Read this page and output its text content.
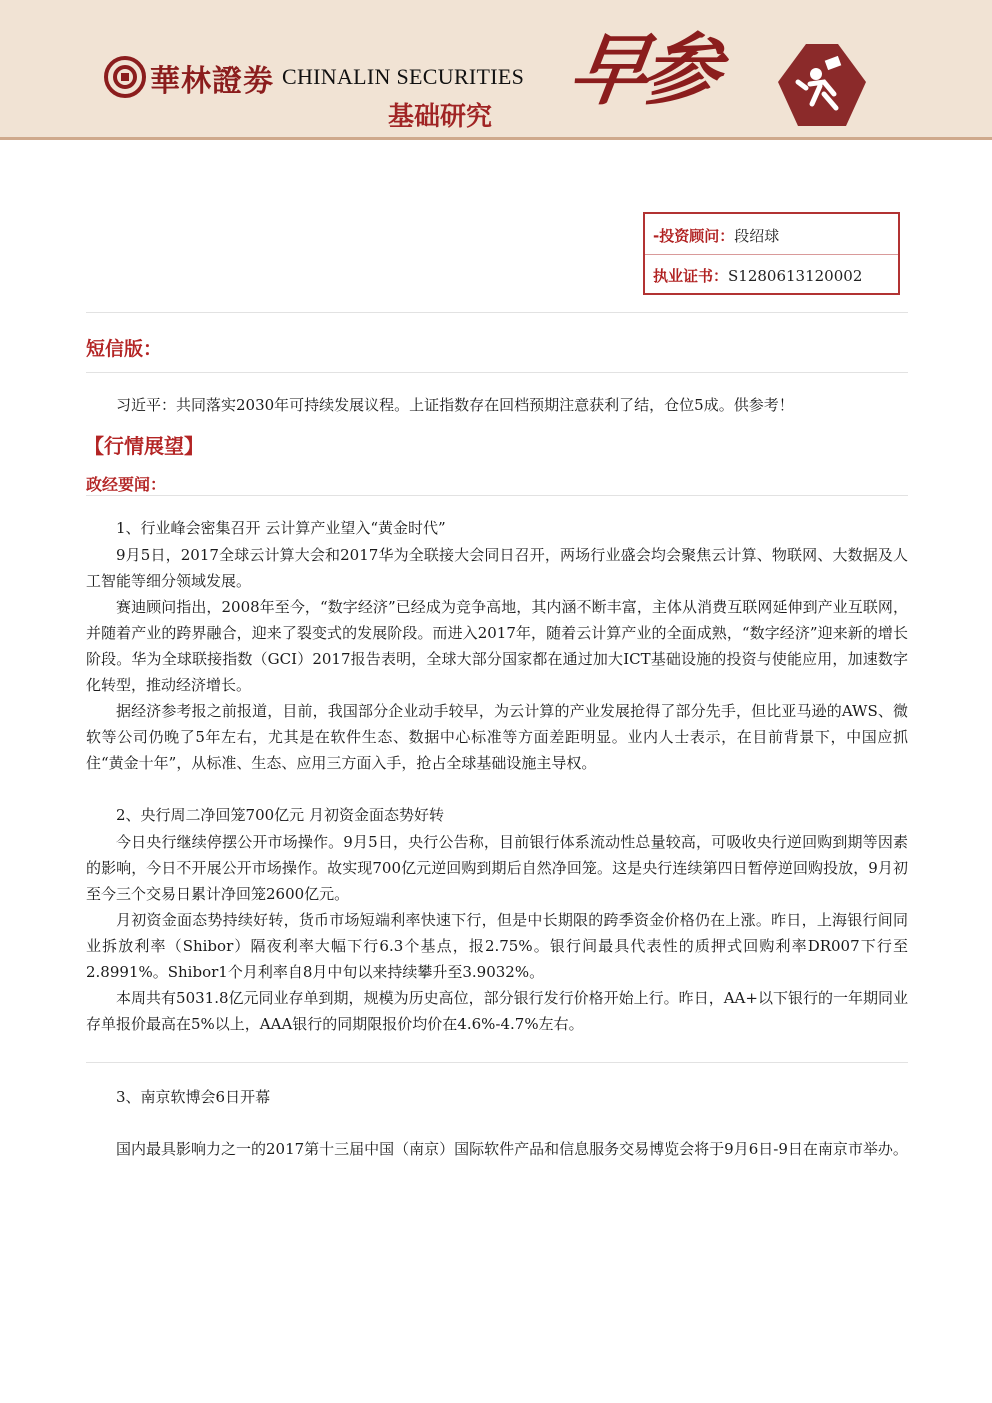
華林證劵 CHINALIN SECURITIES
基础研究
早参
-投资顾问：段绍球
执业证书：S1280613120002
短信版：

习近平：共同落实2030年可持续发展议程。上证指数存在回档预期注意获利了结，仓位5成。供参考！

【行情展望】
政经要闻：

1、行业峰会密集召开 云计算产业望入“黄金时代”

9月5日，2017全球云计算大会和2017华为全联接大会同日召开，两场行业盛会均会聚焦云计算、物联网、大数据及人工智能等细分领域发展。

赛迪顾问指出，2008年至今，“数字经济”已经成为竞争高地，其内涵不断丰富，主体从消费互联网延伸到产业互联网，并随着产业的跨界融合，迎来了裂变式的发展阶段。而进入2017年，随着云计算产业的全面成熟，“数字经济”迎来新的增长阶段。华为全球联接指数（GCI）2017报告表明，全球大部分国家都在通过加大ICT基础设施的投资与使能应用，加速数字化转型，推动经济增长。

据经济参考报之前报道，目前，我国部分企业动手较早，为云计算的产业发展抢得了部分先手，但比亚马逊的AWS、微软等公司仍晚了5年左右，尤其是在软件生态、数据中心标准等方面差距明显。业内人士表示，在目前背景下，中国应抓住“黄金十年”，从标准、生态、应用三方面入手，抢占全球基础设施主导权。

2、央行周二净回笼700亿元 月初资金面态势好转

今日央行继续停摆公开市场操作。9月5日，央行公告称，目前银行体系流动性总量较高，可吸收央行逆回购到期等因素的影响，今日不开展公开市场操作。故实现700亿元逆回购到期后自然净回笼。这是央行连续第四日暂停逆回购投放，9月初至今三个交易日累计净回笼2600亿元。

月初资金面态势持续好转，货币市场短端利率快速下行，但是中长期限的跨季资金价格仍在上涨。昨日，上海银行间同业拆放利率（Shibor）隔夜利率大幅下行6.3个基点，报2.75%。银行间最具代表性的质押式回购利率DR007下行至2.8991%。Shibor1个月利率自8月中旬以来持续攀升至3.9032%。

本周共有5031.8亿元同业存单到期，规模为历史高位，部分银行发行价格开始上行。昨日，AA+以下银行的一年期同业存单报价最高在5%以上，AAA银行的同期限报价均价在4.6%-4.7%左右。

3、南京软博会6日开幕

国内最具影响力之一的2017第十三届中国（南京）国际软件产品和信息服务交易博览会将于9月6日-9日在南京市举办。
